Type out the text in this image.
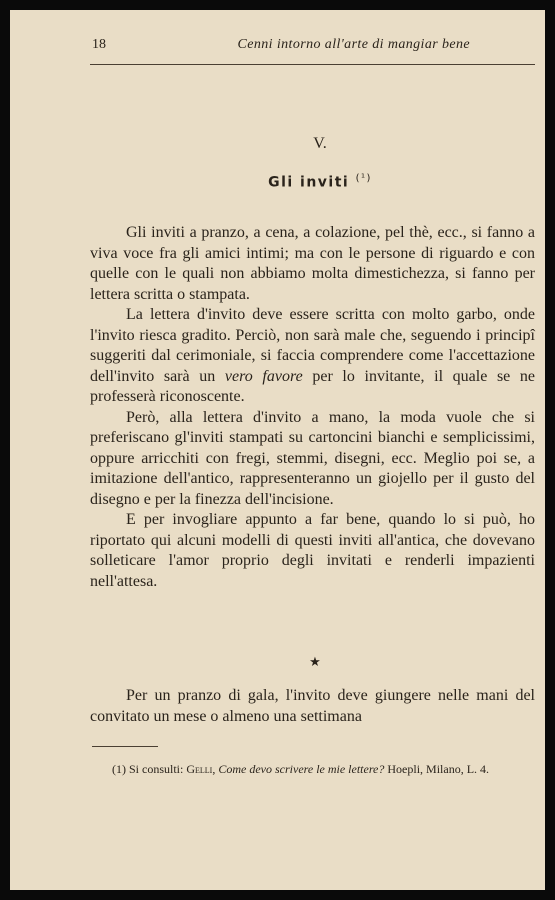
18	Cenni intorno all'arte di mangiar bene
V.
Gli inviti $^{(^1)}$

Gli inviti a pranzo, a cena, a colazione, pel thè, ecc., si fanno a viva voce fra gli amici intimi; ma con le persone di riguardo e con quelle con le quali non abbiamo molta dimestichezza, si fanno per lettera scritta o stampata.

La lettera d'invito deve essere scritta con molto garbo, onde l'invito riesca gradito. Perciò, non sarà male che, seguendo i principî suggeriti dal cerimoniale, si faccia comprendere come l'accettazione dell'invito sarà un vero favore per lo invitante, il quale se ne professerà riconoscente.

Però, alla lettera d'invito a mano, la moda vuole che si preferiscano gl'inviti stampati su cartoncini bianchi e semplicissimi, oppure arricchiti con fregi, stemmi, disegni, ecc. Meglio poi se, a imitazione dell'antico, rappresenteranno un giojello per il gusto del disegno e per la finezza dell'incisione.

E per invogliare appunto a far bene, quando lo si può, ho riportato qui alcuni modelli di questi inviti all'antica, che dovevano solleticare l'amor proprio degli invitati e renderli impazienti nell'attesa.

★

Per un pranzo di gala, l'invito deve giungere nelle mani del convitato un mese o almeno una settimana

(1) Si consulti: Gelli, Come devo scrivere le mie lettere? Hoepli, Milano, L. 4.
